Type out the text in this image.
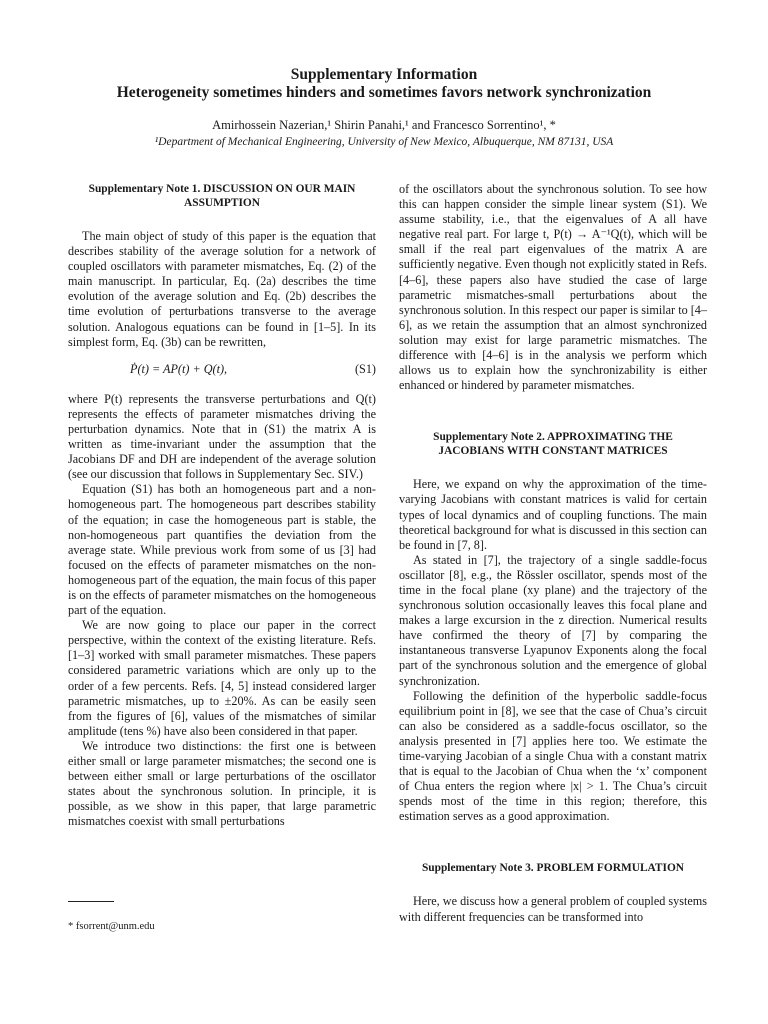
Supplementary Information
Heterogeneity sometimes hinders and sometimes favors network synchronization
Amirhossein Nazerian,¹ Shirin Panahi,¹ and Francesco Sorrentino¹, *
¹Department of Mechanical Engineering, University of New Mexico, Albuquerque, NM 87131, USA
Supplementary Note 1. DISCUSSION ON OUR MAIN ASSUMPTION

The main object of study of this paper is the equation that describes stability of the average solution for a network of coupled oscillators with parameter mismatches, Eq. (2) of the main manuscript. In particular, Eq. (2a) describes the time evolution of the average solution and Eq. (2b) describes the time evolution of perturbations transverse to the average solution. Analogous equations can be found in [1–5]. In its simplest form, Eq. (3b) can be rewritten,

Ṗ(t) = AP(t) + Q(t),	(S1)

where P(t) represents the transverse perturbations and Q(t) represents the effects of parameter mismatches driving the perturbation dynamics. Note that in (S1) the matrix A is written as time-invariant under the assumption that the Jacobians DF and DH are independent of the average solution (see our discussion that follows in Supplementary Sec. SIV.)

Equation (S1) has both an homogeneous part and a non-homogeneous part. The homogeneous part describes stability of the equation; in case the homogeneous part is stable, the non-homogeneous part quantifies the deviation from the average state. While previous work from some of us [3] had focused on the effects of parameter mismatches on the non-homogeneous part of the equation, the main focus of this paper is on the effects of parameter mismatches on the homogeneous part of the equation.

We are now going to place our paper in the correct perspective, within the context of the existing literature. Refs. [1–3] worked with small parameter mismatches. These papers considered parametric variations which are only up to the order of a few percents. Refs. [4, 5] instead considered larger parametric mismatches, up to ±20%. As can be easily seen from the figures of [6], values of the mismatches of similar amplitude (tens %) have also been considered in that paper.

We introduce two distinctions: the first one is between either small or large parameter mismatches; the second one is between either small or large perturbations of the oscillator states about the synchronous solution. In principle, it is possible, as we show in this paper, that large parametric mismatches coexist with small perturbations

* fsorrent@unm.edu

of the oscillators about the synchronous solution. To see how this can happen consider the simple linear system (S1). We assume stability, i.e., that the eigenvalues of A all have negative real part. For large t, P(t) → A⁻¹Q(t), which will be small if the real part eigenvalues of the matrix A are sufficiently negative. Even though not explicitly stated in Refs. [4–6], these papers also have studied the case of large parametric mismatches-small perturbations about the synchronous solution. In this respect our paper is similar to [4–6], as we retain the assumption that an almost synchronized solution may exist for large parametric mismatches. The difference with [4–6] is in the analysis we perform which allows us to explain how the synchronizability is either enhanced or hindered by parameter mismatches.

Supplementary Note 2. APPROXIMATING THE JACOBIANS WITH CONSTANT MATRICES

Here, we expand on why the approximation of the time-varying Jacobians with constant matrices is valid for certain types of local dynamics and of coupling functions. The main theoretical background for what is discussed in this section can be found in [7, 8].

As stated in [7], the trajectory of a single saddle-focus oscillator [8], e.g., the Rössler oscillator, spends most of the time in the focal plane (xy plane) and the trajectory of the synchronous solution occasionally leaves this focal plane and makes a large excursion in the z direction. Numerical results have confirmed the theory of [7] by comparing the instantaneous transverse Lyapunov Exponents along the focal part of the synchronous solution and the emergence of global synchronization.

Following the definition of the hyperbolic saddle-focus equilibrium point in [8], we see that the case of Chua’s circuit can also be considered as a saddle-focus oscillator, so the analysis presented in [7] applies here too. We estimate the time-varying Jacobian of a single Chua with a constant matrix that is equal to the Jacobian of Chua when the ‘x’ component of Chua enters the region where |x| > 1. The Chua’s circuit spends most of the time in this region; therefore, this estimation serves as a good approximation.

Supplementary Note 3. PROBLEM FORMULATION

Here, we discuss how a general problem of coupled systems with different frequencies can be transformed into
